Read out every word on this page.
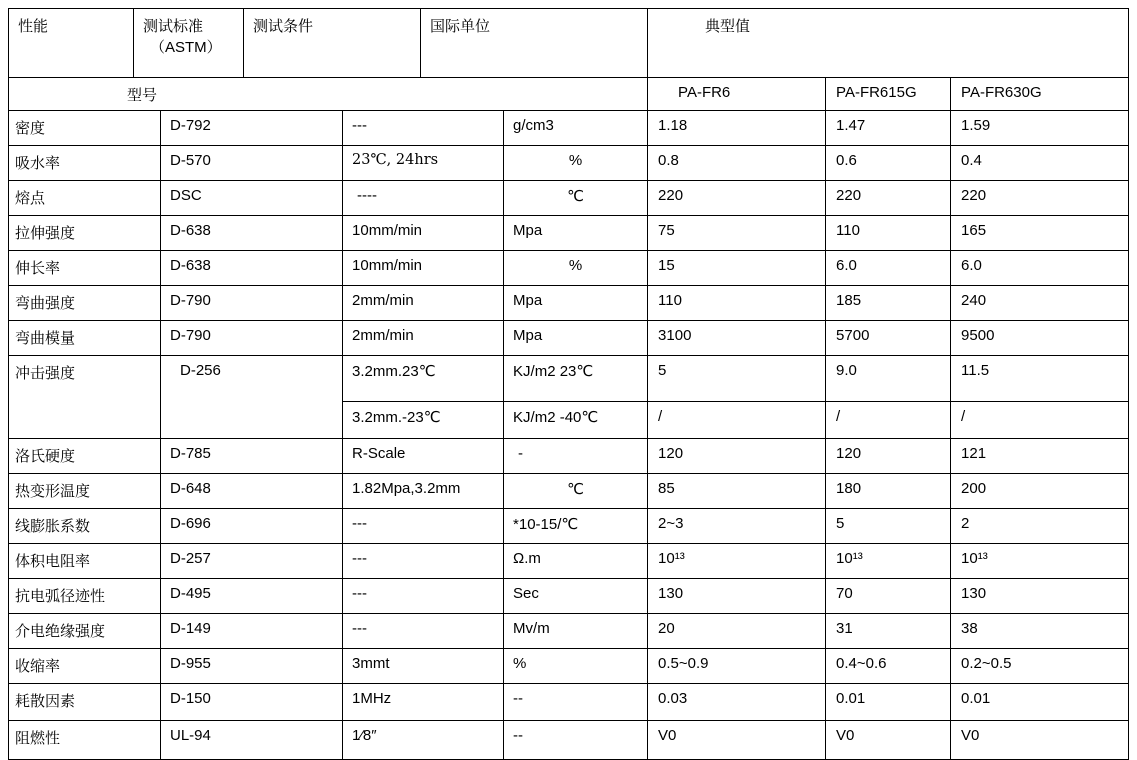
性能	测试标准
（ASTM）		测试条件		国际单位		典型值		
型号							PA-FR6	PA-FR615G	PA-FR630G
密度		D-792		---		g/cm3	1.18	1.47	1.59
吸水率		D-570		23℃, 24hrs		%	0.8	0.6	0.4
熔点		DSC		----		℃	220	220	220
拉伸强度		D-638		10mm/min		Mpa	75	110	165
伸长率		D-638		10mm/min		%	15	6.0	6.0
弯曲强度		D-790		2mm/min		Mpa	110	185	240
弯曲模量		D-790		2mm/min		Mpa	3100	5700	9500
冲击强度		D-256		3.2mm.23℃		KJ/m2 23℃	5	9.0	11.5
				3.2mm.-23℃		KJ/m2 -40℃	/	/	/
洛氏硬度		D-785		R-Scale		-	120	120	121
热变形温度		D-648		1.82Mpa,3.2mm		℃	85	180	200
线膨胀系数		D-696		---		*10-15/℃	2~3	5	2
体积电阻率		D-257		---		Ω.m	10¹³	10¹³	10¹³
抗电弧径迹性		D-495		---		Sec	130	70	130
介电绝缘强度		D-149		---		Mv/m	20	31	38
收缩率		D-955		3mmt		%	0.5~0.9	0.4~0.6	0.2~0.5
耗散因素		D-150		1MHz		--	0.03	0.01	0.01
阻燃性		UL-94		1⁄8″		--	V0	V0	V0
